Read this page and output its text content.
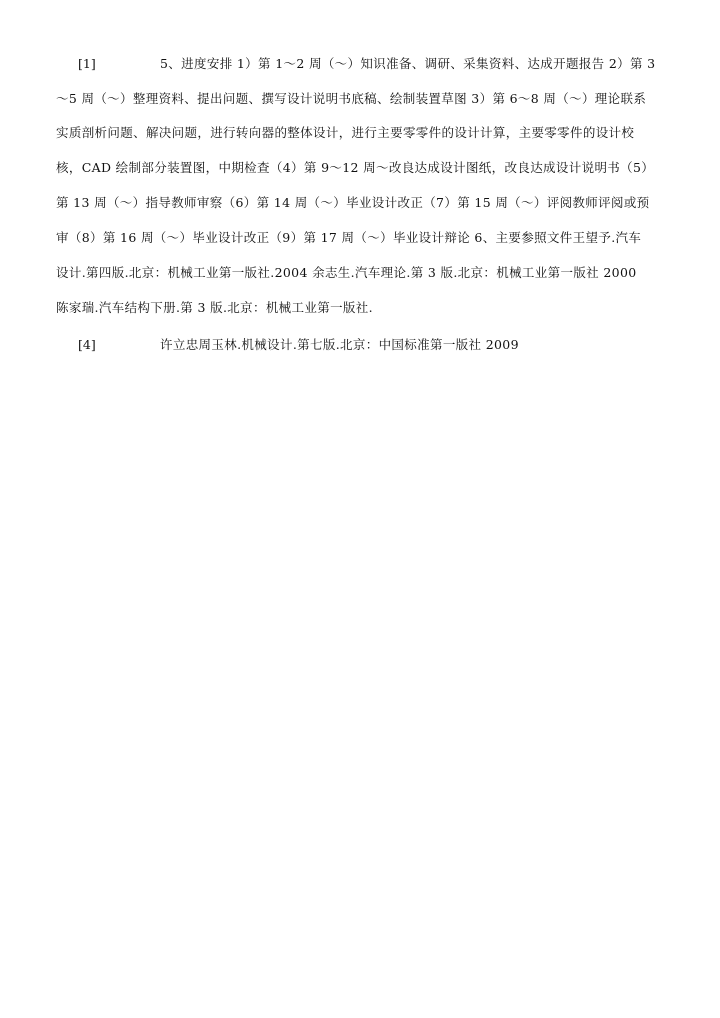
[1]	5、进度安排 1）第 1～2 周（～）知识准备、调研、采集资料、达成开题报告 2）第 3
～5 周（～）整理资料、提出问题、撰写设计说明书底稿、绘制装置草图 3）第 6～8 周（～）理论联系
实质剖析问题、解决问题，进行转向器的整体设计，进行主要零零件的设计计算，主要零零件的设计校
核，CAD 绘制部分装置图，中期检查（4）第 9～12 周～改良达成设计图纸，改良达成设计说明书（5）
第 13 周（～）指导教师审察（6）第 14 周（～）毕业设计改正（7）第 15 周（～）评阅教师评阅或预
审（8）第 16 周（～）毕业设计改正（9）第 17 周（～）毕业设计辩论 6、主要参照文件王望予.汽车
设计.第四版.北京：机械工业第一版社.2004 余志生.汽车理论.第 3 版.北京：机械工业第一版社 2000
陈家瑞.汽车结构下册.第 3 版.北京：机械工业第一版社.
[4]	许立忠周玉林.机械设计.第七版.北京：中国标准第一版社 2009
